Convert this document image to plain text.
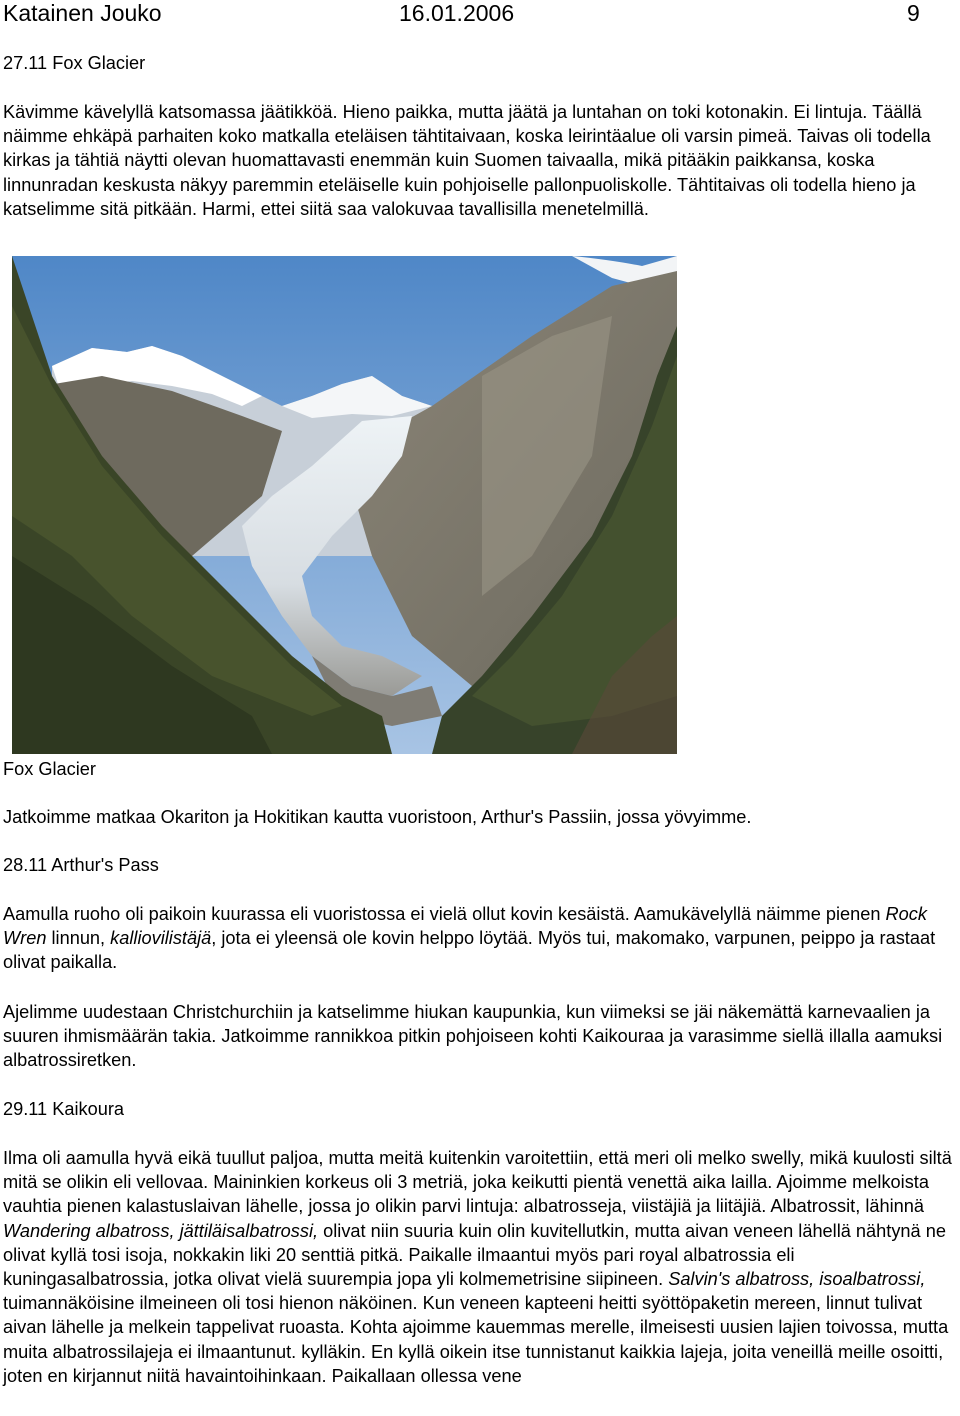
Katainen Jouko	16.01.2006	9
27.11 Fox Glacier

Kävimme kävelyllä katsomassa jäätikköä. Hieno paikka, mutta jäätä ja luntahan on toki kotonakin. Ei lintuja. Täällä näimme ehkäpä parhaiten koko matkalla eteläisen tähtitaivaan, koska leirintäalue oli varsin pimeä. Taivas oli todella kirkas ja tähtiä näytti olevan huomattavasti enemmän kuin Suomen taivaalla, mikä pitääkin paikkansa, koska linnunradan keskusta näkyy paremmin eteläiselle kuin pohjoiselle pallonpuoliskolle. Tähtitaivas oli todella hieno ja katselimme sitä pitkään. Harmi, ettei siitä saa valokuvaa tavallisilla menetelmillä.

Fox Glacier

Jatkoimme matkaa Okariton ja Hokitikan kautta vuoristoon, Arthur's Passiin, jossa yövyimme.

28.11 Arthur's Pass

Aamulla ruoho oli paikoin kuurassa eli vuoristossa ei vielä ollut kovin kesäistä. Aamukävelyllä näimme pienen Rock Wren linnun, kalliovilistäjä, jota ei yleensä ole kovin helppo löytää. Myös tui, makomako, varpunen, peippo ja rastaat olivat paikalla.

Ajelimme uudestaan Christchurchiin ja katselimme hiukan kaupunkia, kun viimeksi se jäi näkemättä karnevaalien ja suuren ihmismäärän takia. Jatkoimme rannikkoa pitkin pohjoiseen kohti Kaikouraa ja varasimme siellä illalla aamuksi albatrossiretken.

29.11 Kaikoura

Ilma oli aamulla hyvä eikä tuullut paljoa, mutta meitä kuitenkin varoitettiin, että meri oli melko swelly, mikä kuulosti siltä mitä se olikin eli vellovaa. Maininkien korkeus oli 3 metriä, joka keikutti pientä venettä aika lailla. Ajoimme melkoista vauhtia pienen kalastuslaivan lähelle, jossa jo olikin parvi lintuja: albatrosseja, viistäjiä ja liitäjiä. Albatrossit, lähinnä Wandering albatross, jättiläisalbatrossi, olivat niin suuria kuin olin kuvitellutkin, mutta aivan veneen lähellä nähtynä ne olivat kyllä tosi isoja, nokkakin liki 20 senttiä pitkä. Paikalle ilmaantui myös pari royal albatrossia eli kuningasalbatrossia, jotka olivat vielä suurempia jopa yli kolmemetrisine siipineen. Salvin's albatross, isoalbatrossi, tuimannäköisine ilmeineen oli tosi hienon näköinen. Kun veneen kapteeni heitti syöttöpaketin mereen, linnut tulivat aivan lähelle ja melkein tappelivat ruoasta. Kohta ajoimme kauemmas merelle, ilmeisesti uusien lajien toivossa, mutta muita albatrossilajeja ei ilmaantunut. kylläkin. En kyllä oikein itse tunnistanut kaikkia lajeja, joita veneillä meille osoitti, joten en kirjannut niitä havaintoihinkaan. Paikallaan ollessa vene
